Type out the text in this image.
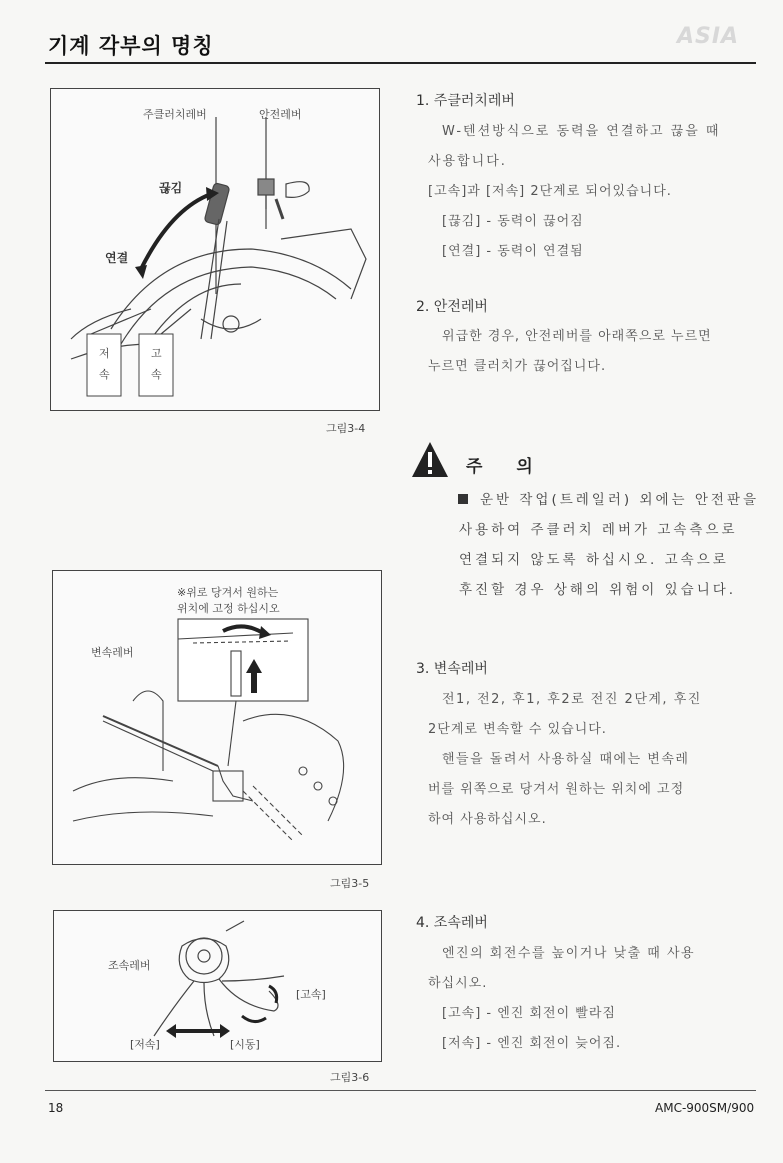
기계 각부의 명칭	ASIA
주클러치레버	안전레버
끊김
연결
저
속
고
속
그림3-4
※위로 당겨서 원하는
위치에 고정 하십시오
변속레버
그림3-5
조속레버
[고속]
[저속]	[시동]
그림3-6
1. 주클러치레버
W-텐션방식으로 동력을 연결하고 끊을 때
사용합니다.
[고속]과 [저속] 2단계로 되어있습니다.
[끊김] - 동력이 끊어짐
[연결] - 동력이 연결됨
2. 안전레버
위급한 경우, 안전레버를 아래쪽으로 누르면
누르면 클러치가 끊어집니다.
주 의
운반 작업(트레일러) 외에는 안전판을
사용하여 주클러치 레버가 고속측으로
연결되지 않도록 하십시오. 고속으로
후진할 경우 상해의 위험이 있습니다.
3. 변속레버
전1, 전2, 후1, 후2로 전진 2단계, 후진
2단계로 변속할 수 있습니다.
핸들을 돌려서 사용하실 때에는 변속레
버를 위쪽으로 당겨서 원하는 위치에 고정
하여 사용하십시오.
4. 조속레버
엔진의 회전수를 높이거나 낮출 때 사용
하십시오.
[고속] - 엔진 회전이 빨라짐
[저속] - 엔진 회전이 늦어짐.
18	AMC-900SM/900
